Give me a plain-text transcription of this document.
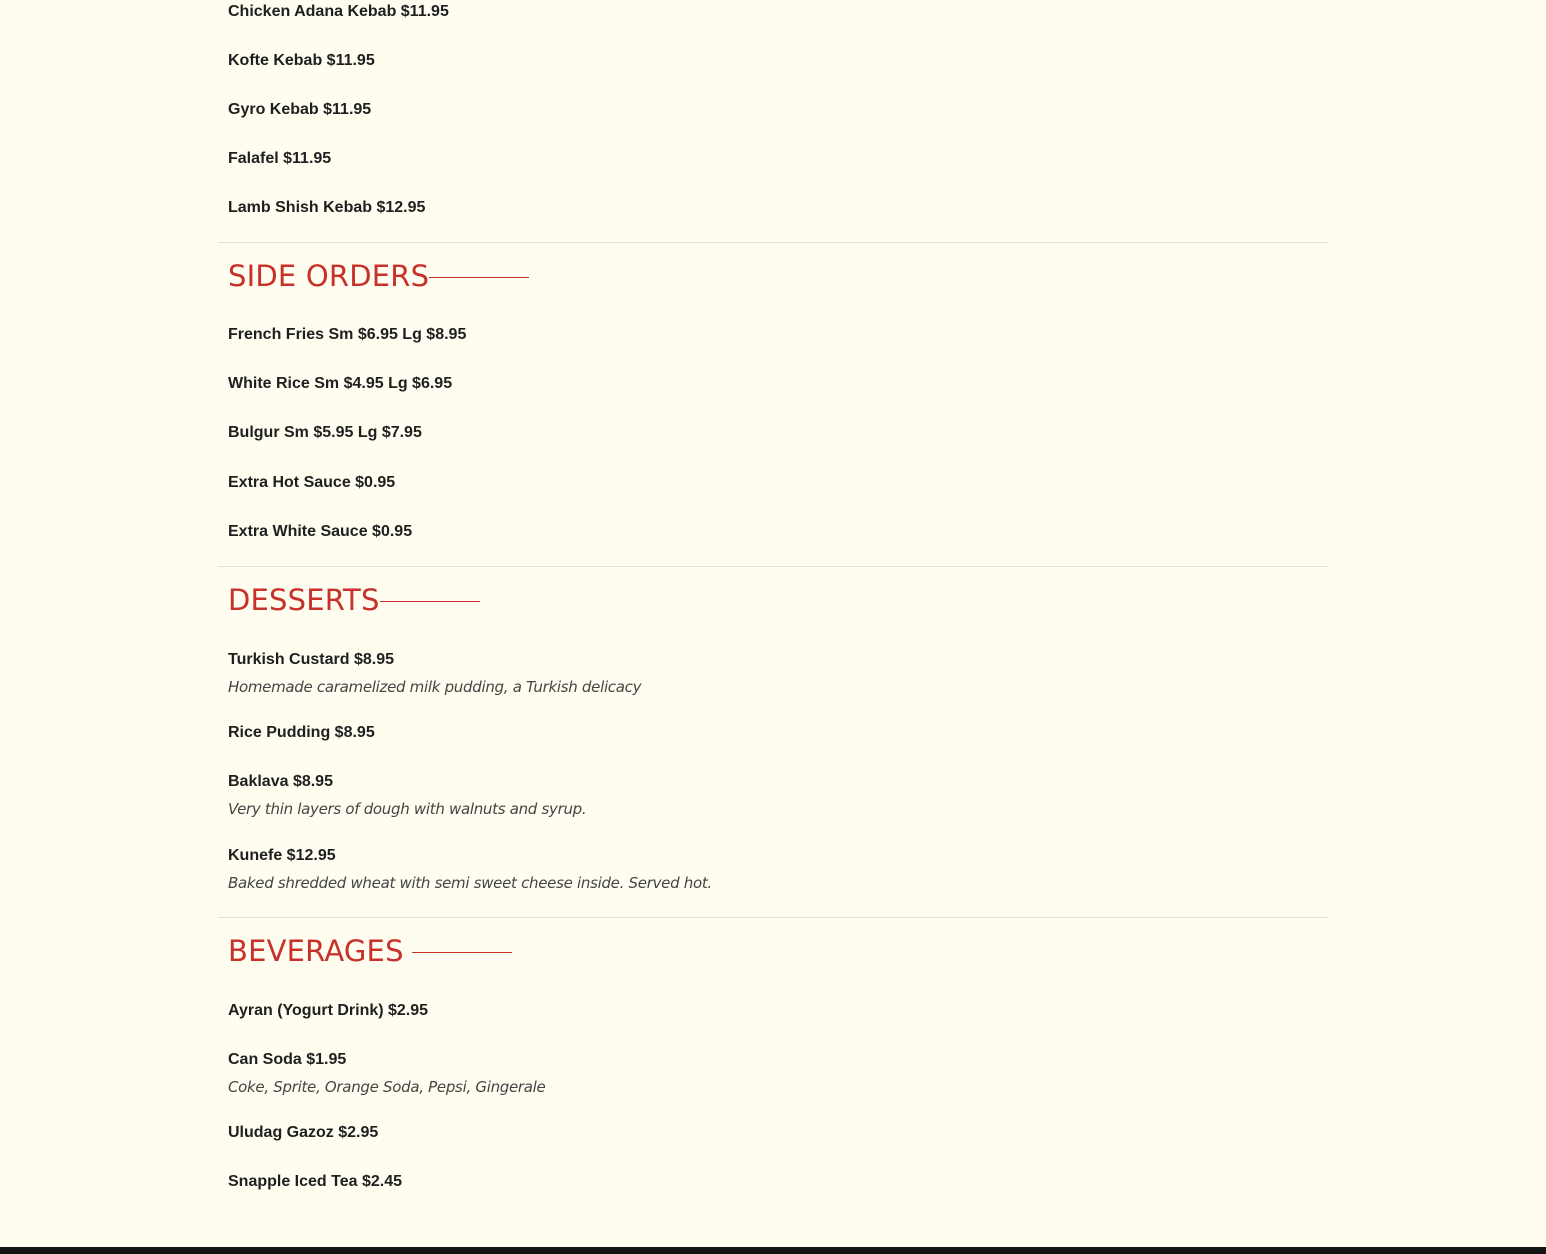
Chicken Adana Kebab $11.95
Kofte Kebab $11.95
Gyro Kebab $11.95
Falafel $11.95
Lamb Shish Kebab $12.95
SIDE ORDERS
French Fries Sm $6.95 Lg $8.95
White Rice Sm $4.95 Lg $6.95
Bulgur Sm $5.95 Lg $7.95
Extra Hot Sauce $0.95
Extra White Sauce $0.95
DESSERTS
Turkish Custard $8.95
Homemade caramelized milk pudding, a Turkish delicacy
Rice Pudding $8.95
Baklava $8.95
Very thin layers of dough with walnuts and syrup.
Kunefe $12.95
Baked shredded wheat with semi sweet cheese inside. Served hot.
BEVERAGES
Ayran (Yogurt Drink) $2.95
Can Soda $1.95
Coke, Sprite, Orange Soda, Pepsi, Gingerale
Uludag Gazoz $2.95
Snapple Iced Tea $2.45
